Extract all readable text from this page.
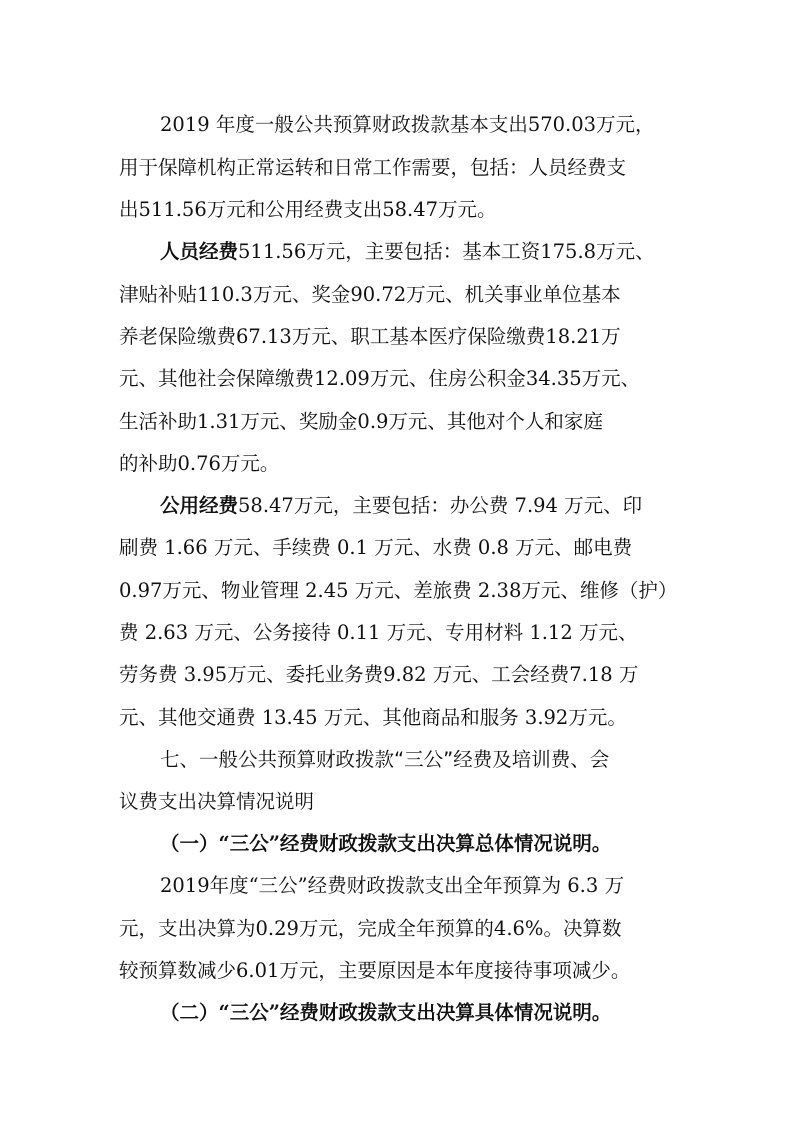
2019 年度一般公共预算财政拨款基本支出570.03万元，
用于保障机构正常运转和日常工作需要，包括：人员经费支
出511.56万元和公用经费支出58.47万元。
人员经费511.56万元，主要包括：基本工资175.8万元、
津贴补贴110.3万元、奖金90.72万元、机关事业单位基本
养老保险缴费67.13万元、职工基本医疗保险缴费18.21万
元、其他社会保障缴费12.09万元、住房公积金34.35万元、
生活补助1.31万元、奖励金0.9万元、其他对个人和家庭
的补助0.76万元。
公用经费58.47万元，主要包括：办公费 7.94 万元、印
刷费 1.66 万元、手续费 0.1 万元、水费 0.8 万元、邮电费
0.97万元、物业管理 2.45 万元、差旅费 2.38万元、维修（护）
费 2.63 万元、公务接待 0.11 万元、专用材料 1.12 万元、
劳务费 3.95万元、委托业务费9.82 万元、工会经费7.18 万
元、其他交通费 13.45 万元、其他商品和服务 3.92万元。
七、一般公共预算财政拨款“三公”经费及培训费、会
议费支出决算情况说明
（一）“三公”经费财政拨款支出决算总体情况说明。
2019年度“三公”经费财政拨款支出全年预算为 6.3 万
元，支出决算为0.29万元，完成全年预算的4.6%。决算数
较预算数减少6.01万元，主要原因是本年度接待事项减少。
（二）“三公”经费财政拨款支出决算具体情况说明。
